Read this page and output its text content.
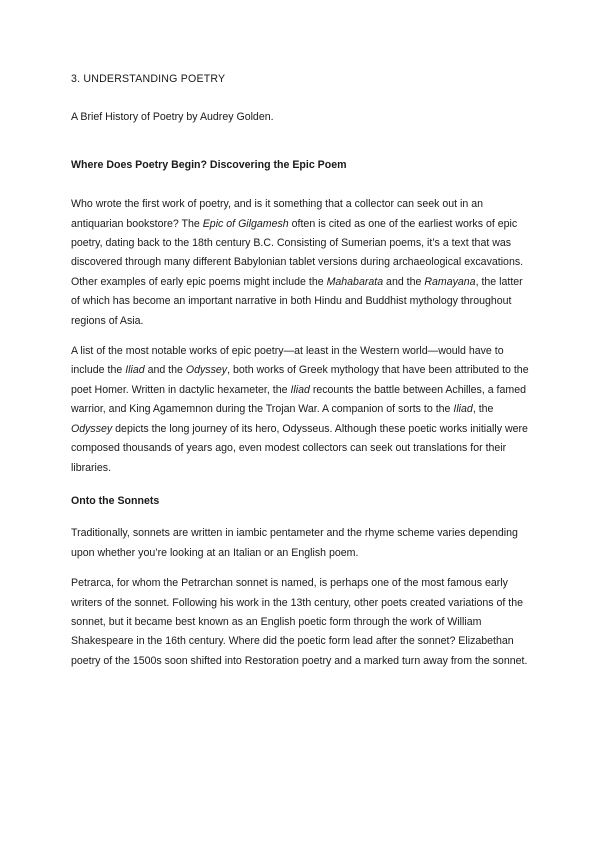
3. UNDERSTANDING POETRY

A Brief History of Poetry by Audrey Golden.

Where Does Poetry Begin? Discovering the Epic Poem

Who wrote the first work of poetry, and is it something that a collector can seek out in an antiquarian bookstore? The Epic of Gilgamesh often is cited as one of the earliest works of epic poetry, dating back to the 18th century B.C. Consisting of Sumerian poems, it’s a text that was discovered through many different Babylonian tablet versions during archaeological excavations. Other examples of early epic poems might include the Mahabarata and the Ramayana, the latter of which has become an important narrative in both Hindu and Buddhist mythology throughout regions of Asia.

A list of the most notable works of epic poetry—at least in the Western world—would have to include the Iliad and the Odyssey, both works of Greek mythology that have been attributed to the poet Homer. Written in dactylic hexameter, the Iliad recounts the battle between Achilles, a famed warrior, and King Agamemnon during the Trojan War. A companion of sorts to the Iliad, the Odyssey depicts the long journey of its hero, Odysseus. Although these poetic works initially were composed thousands of years ago, even modest collectors can seek out translations for their libraries.

Onto the Sonnets

Traditionally, sonnets are written in iambic pentameter and the rhyme scheme varies depending upon whether you’re looking at an Italian or an English poem.

Petrarca, for whom the Petrarchan sonnet is named, is perhaps one of the most famous early writers of the sonnet. Following his work in the 13th century, other poets created variations of the sonnet, but it became best known as an English poetic form through the work of William Shakespeare in the 16th century. Where did the poetic form lead after the sonnet? Elizabethan poetry of the 1500s soon shifted into Restoration poetry and a marked turn away from the sonnet.
